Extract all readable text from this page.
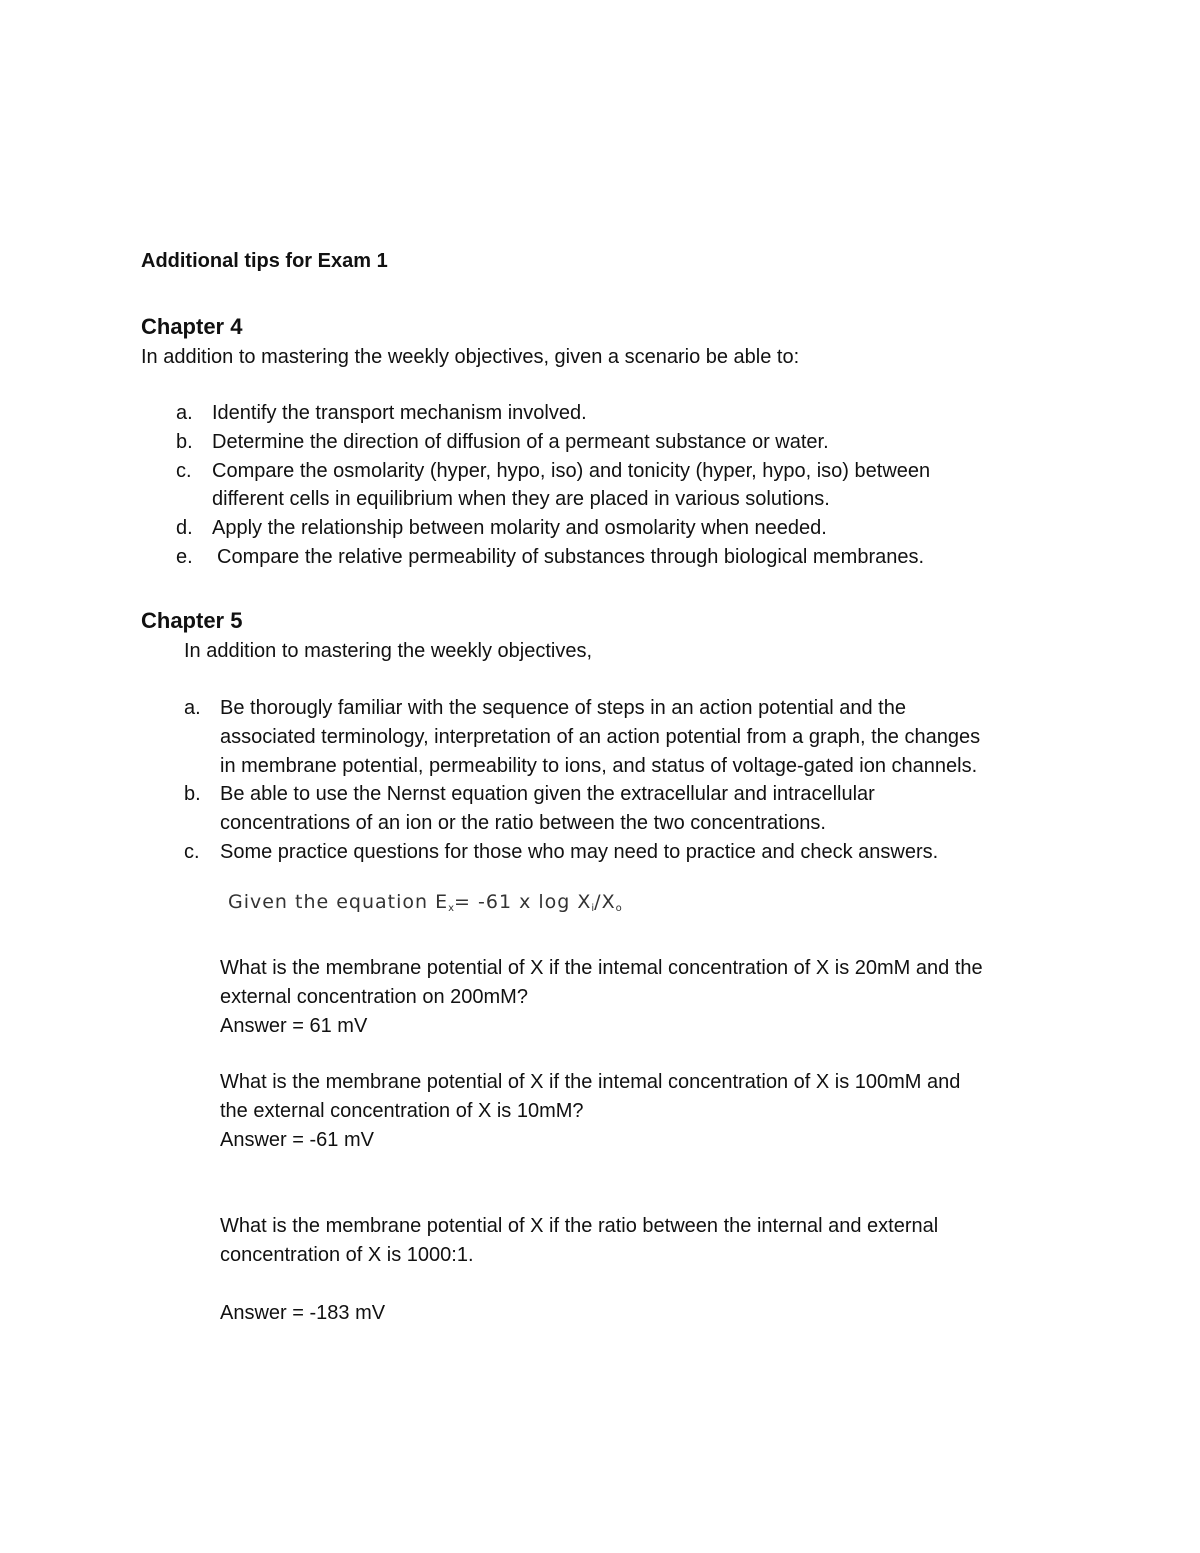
Additional tips for Exam 1
Chapter 4
In addition to mastering the weekly objectives, given a scenario be able to:
a. Identify the transport mechanism involved.
b. Determine the direction of diffusion of a permeant substance or water.
c. Compare the osmolarity (hyper, hypo, iso) and tonicity (hyper, hypo, iso) between
different cells in equilibrium when they are placed in various solutions.
d. Apply the relationship between molarity and osmolarity when needed.
e. Compare the relative permeability of substances through biological membranes.
Chapter 5
In addition to mastering the weekly objectives,
a. Be thorougly familiar with the sequence of steps in an action potential and the
associated terminology, interpretation of an action potential from a graph, the changes
in membrane potential, permeability to ions, and status of voltage-gated ion channels.
b. Be able to use the Nernst equation given the extracellular and intracellular
concentrations of an ion or the ratio between the two concentrations.
c. Some practice questions for those who may need to practice and check answers.
Given the equation $E_x= -61$ x $\log X_i/X_o$
What is the membrane potential of X if the intemal concentration of X is 20mM and the
external concentration on 200mM?
Answer = 61 mV
What is the membrane potential of X if the intemal concentration of X is 100mM and
the external concentration of X is 10mM?
Answer = -61 mV
What is the membrane potential of X if the ratio between the internal and external
concentration of X is 1000:1.
Answer = -183 mV
